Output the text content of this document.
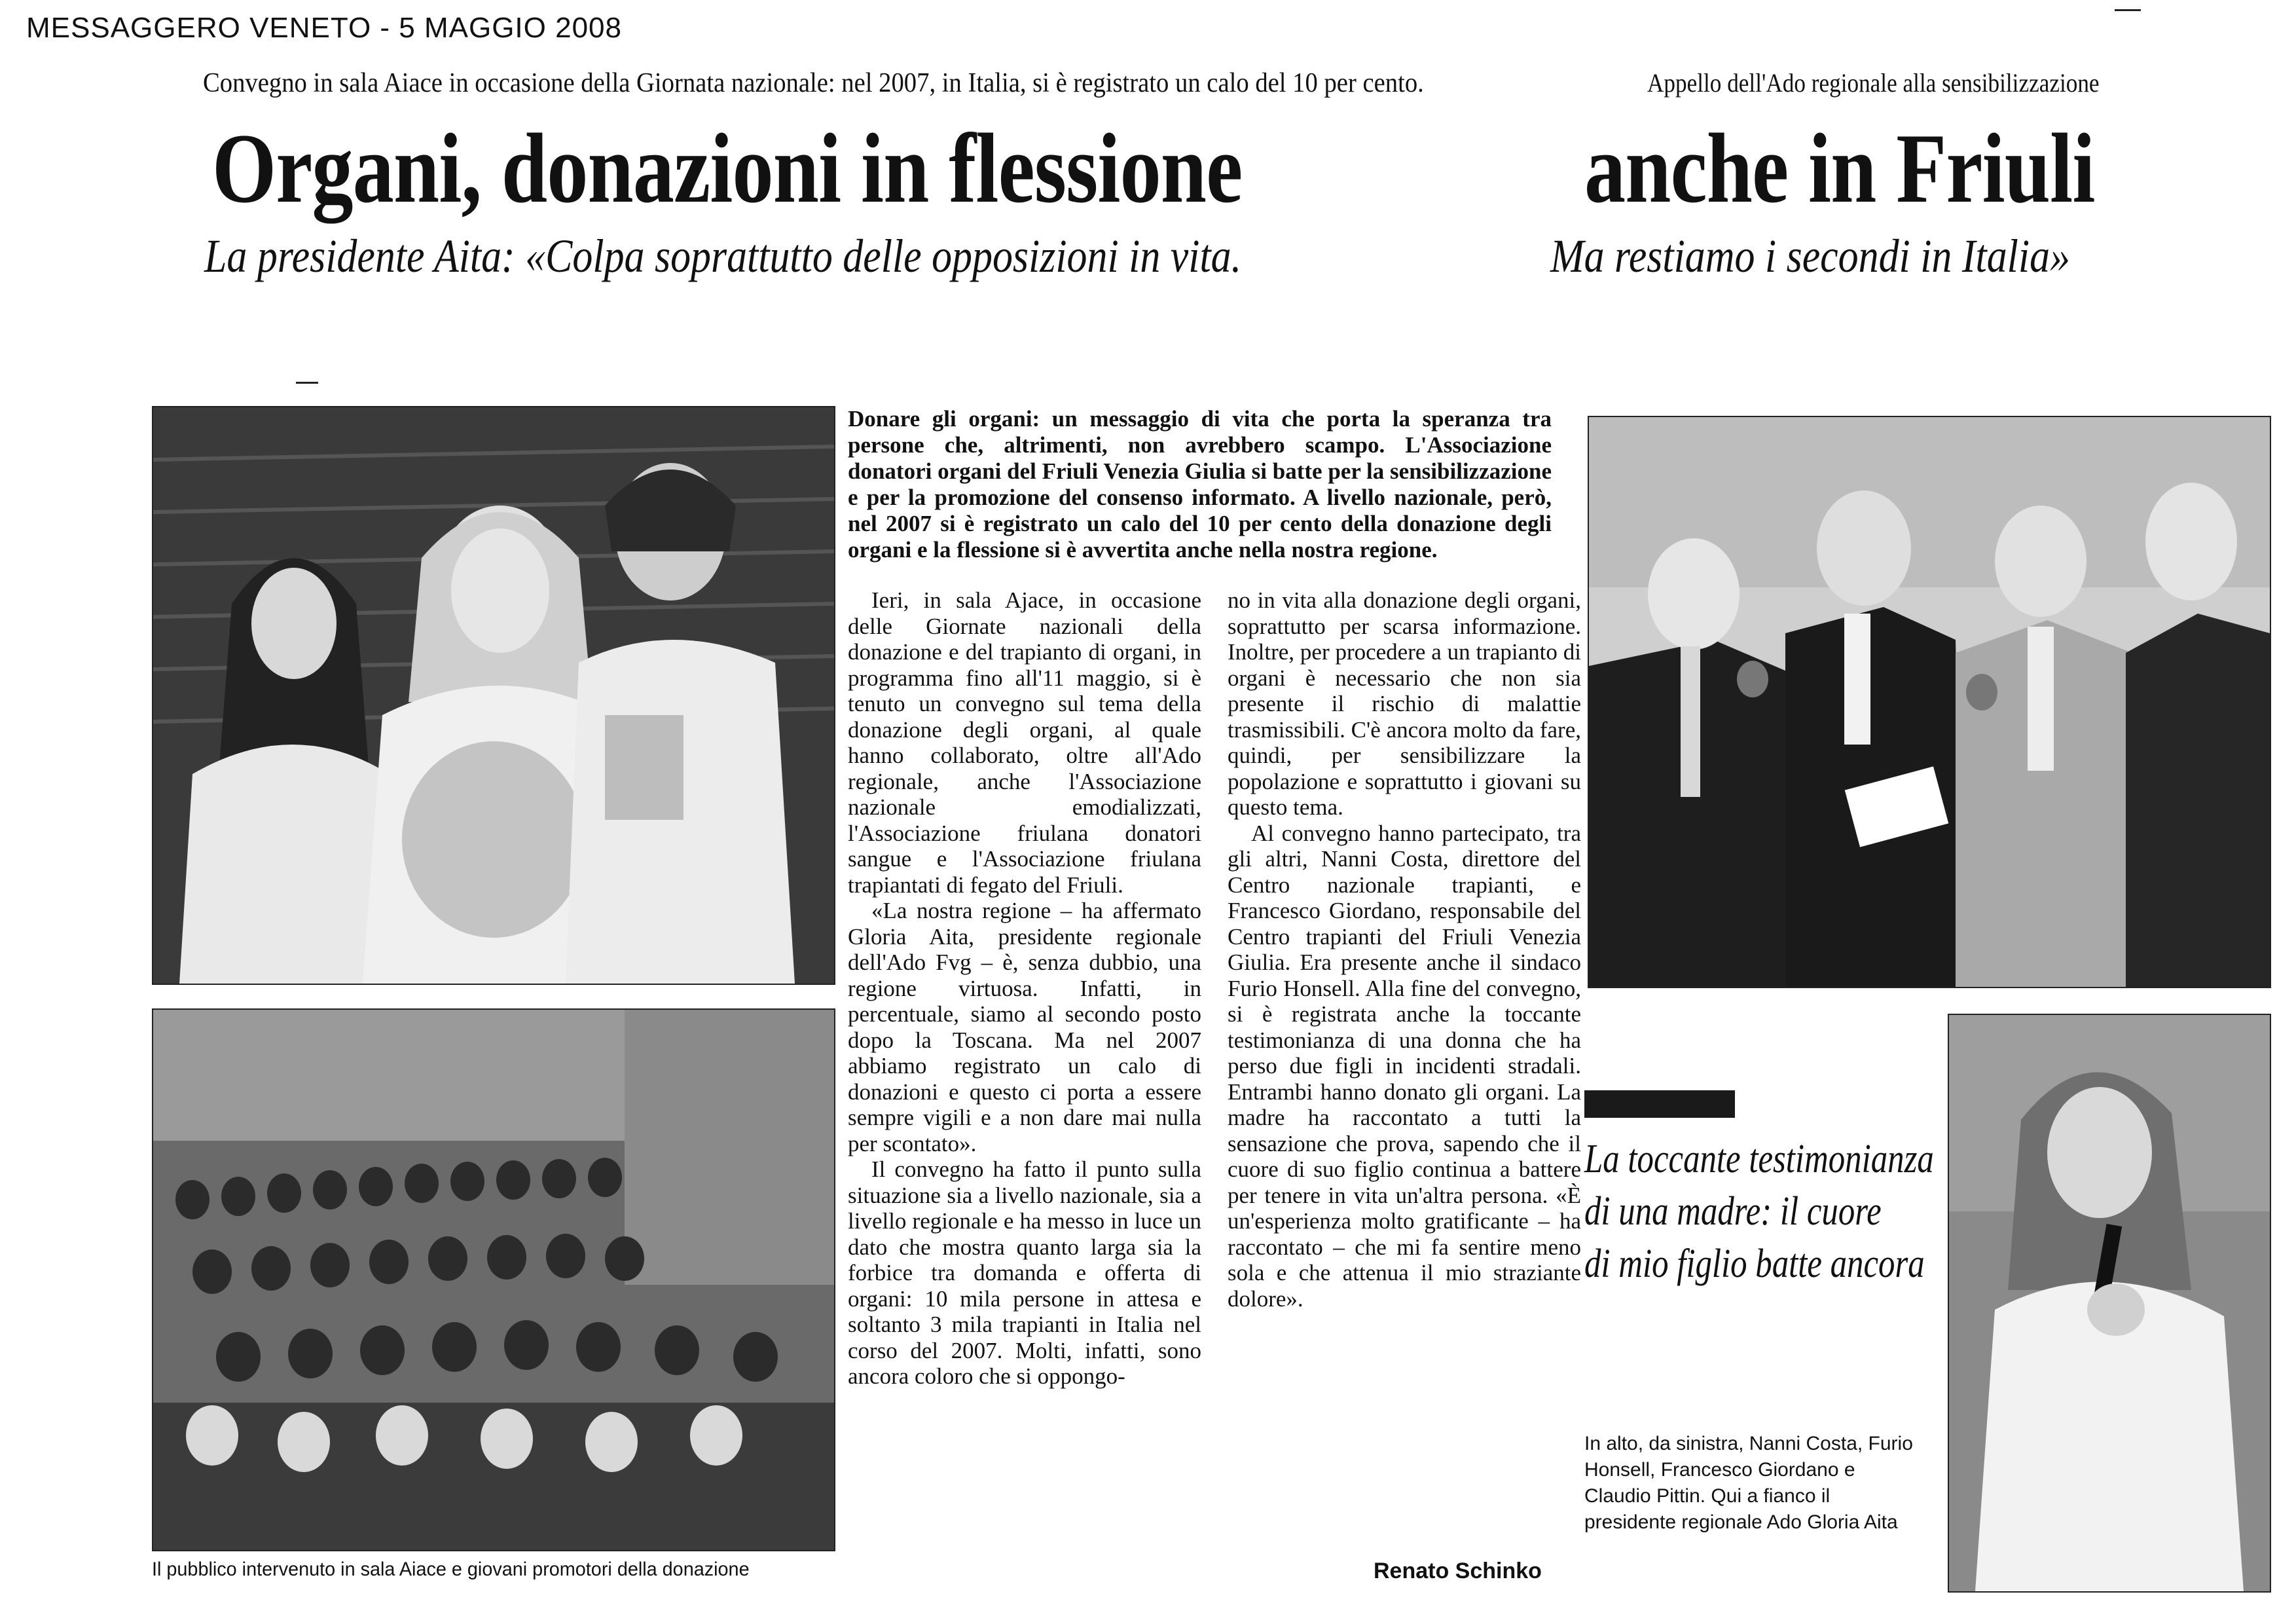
MESSAGGERO VENETO - 5 MAGGIO 2008
Convegno in sala Aiace in occasione della Giornata nazionale: nel 2007, in Italia, si è registrato un calo del 10 per cento.	Appello dell'Ado regionale alla sensibilizzazione
Organi, donazioni in flessione	anche in Friuli
La presidente Aita: «Colpa soprattutto delle opposizioni in vita.	Ma restiamo i secondi in Italia»
Il pubblico intervenuto in sala Aiace e giovani promotori della donazione
Donare gli organi: un messaggio di vita che porta la speranza tra persone che, altrimenti, non avrebbero scampo. L'Associazione donatori organi del Friuli Venezia Giulia si batte per la sensibilizzazione e per la promozione del consenso informato. A livello nazionale, però, nel 2007 si è registrato un calo del 10 per cento della donazione degli organi e la flessione si è avvertita anche nella nostra regione.

Ieri, in sala Ajace, in occasione delle Giornate nazionali della donazione e del trapianto di organi, in programma fino all'11 maggio, si è tenuto un convegno sul tema della donazione degli organi, al quale hanno collaborato, oltre all'Ado regionale, anche l'Associazione nazionale emodializzati, l'Associazione friulana donatori sangue e l'Associazione friulana trapiantati di fegato del Friuli.

«La nostra regione – ha affermato Gloria Aita, presidente regionale dell'Ado Fvg – è, senza dubbio, una regione virtuosa. Infatti, in percentuale, siamo al secondo posto dopo la Toscana. Ma nel 2007 abbiamo registrato un calo di donazioni e questo ci porta a essere sempre vigili e a non dare mai nulla per scontato».

Il convegno ha fatto il punto sulla situazione sia a livello nazionale, sia a livello regionale e ha messo in luce un dato che mostra quanto larga sia la forbice tra domanda e offerta di organi: 10 mila persone in attesa e soltanto 3 mila trapianti in Italia nel corso del 2007. Molti, infatti, sono ancora coloro che si oppongo-

no in vita alla donazione degli organi, soprattutto per scarsa informazione. Inoltre, per procedere a un trapianto di organi è necessario che non sia presente il rischio di malattie trasmissibili. C'è ancora molto da fare, quindi, per sensibilizzare la popolazione e soprattutto i giovani su questo tema.

Al convegno hanno partecipato, tra gli altri, Nanni Costa, direttore del Centro nazionale trapianti, e Francesco Giordano, responsabile del Centro trapianti del Friuli Venezia Giulia. Era presente anche il sindaco Furio Honsell. Alla fine del convegno, si è registrata anche la toccante testimonianza di una donna che ha perso due figli in incidenti stradali. Entrambi hanno donato gli organi. La madre ha raccontato a tutti la sensazione che prova, sapendo che il cuore di suo figlio continua a battere per tenere in vita un'altra persona. «È un'esperienza molto gratificante – ha raccontato – che mi fa sentire meno sola e che attenua il mio straziante dolore».

Renato Schinko
La toccante testimonianza
di una madre: il cuore
di mio figlio batte ancora
In alto, da sinistra, Nanni Costa, Furio Honsell, Francesco Giordano e Claudio Pittin. Qui a fianco il presidente regionale Ado Gloria Aita
